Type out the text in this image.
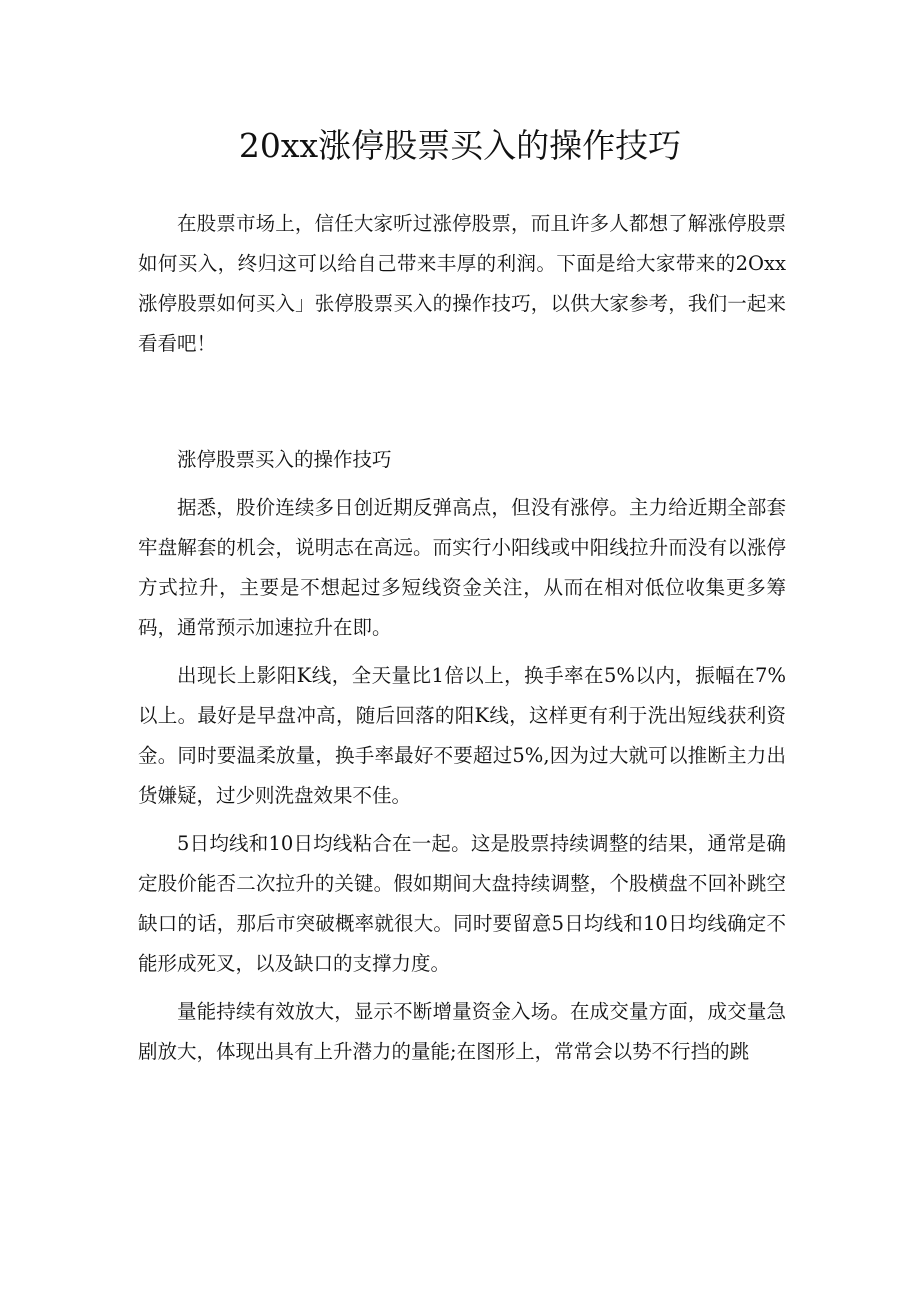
20xx涨停股票买入的操作技巧

在股票市场上，信任大家听过涨停股票，而且许多人都想了解涨停股票如何买入，终归这可以给自己带来丰厚的利润。下面是给大家带来的2Oxx涨停股票如何买入」张停股票买入的操作技巧，以供大家参考，我们一起来看看吧！

涨停股票买入的操作技巧

据悉，股价连续多日创近期反弹高点，但没有涨停。主力给近期全部套牢盘解套的机会，说明志在高远。而实行小阳线或中阳线拉升而没有以涨停方式拉升，主要是不想起过多短线资金关注，从而在相对低位收集更多筹码，通常预示加速拉升在即。

出现长上影阳K线，全天量比1倍以上，换手率在5%以内，振幅在7%以上。最好是早盘冲高，随后回落的阳K线，这样更有利于洗出短线获利资金。同时要温柔放量，换手率最好不要超过5%,因为过大就可以推断主力出货嫌疑，过少则洗盘效果不佳。

5日均线和10日均线粘合在一起。这是股票持续调整的结果，通常是确定股价能否二次拉升的关键。假如期间大盘持续调整，个股横盘不回补跳空缺口的话，那后市突破概率就很大。同时要留意5日均线和10日均线确定不能形成死叉，以及缺口的支撑力度。

量能持续有效放大，显示不断增量资金入场。在成交量方面，成交量急剧放大，体现出具有上升潜力的量能;在图形上，常常会以势不行挡的跳
